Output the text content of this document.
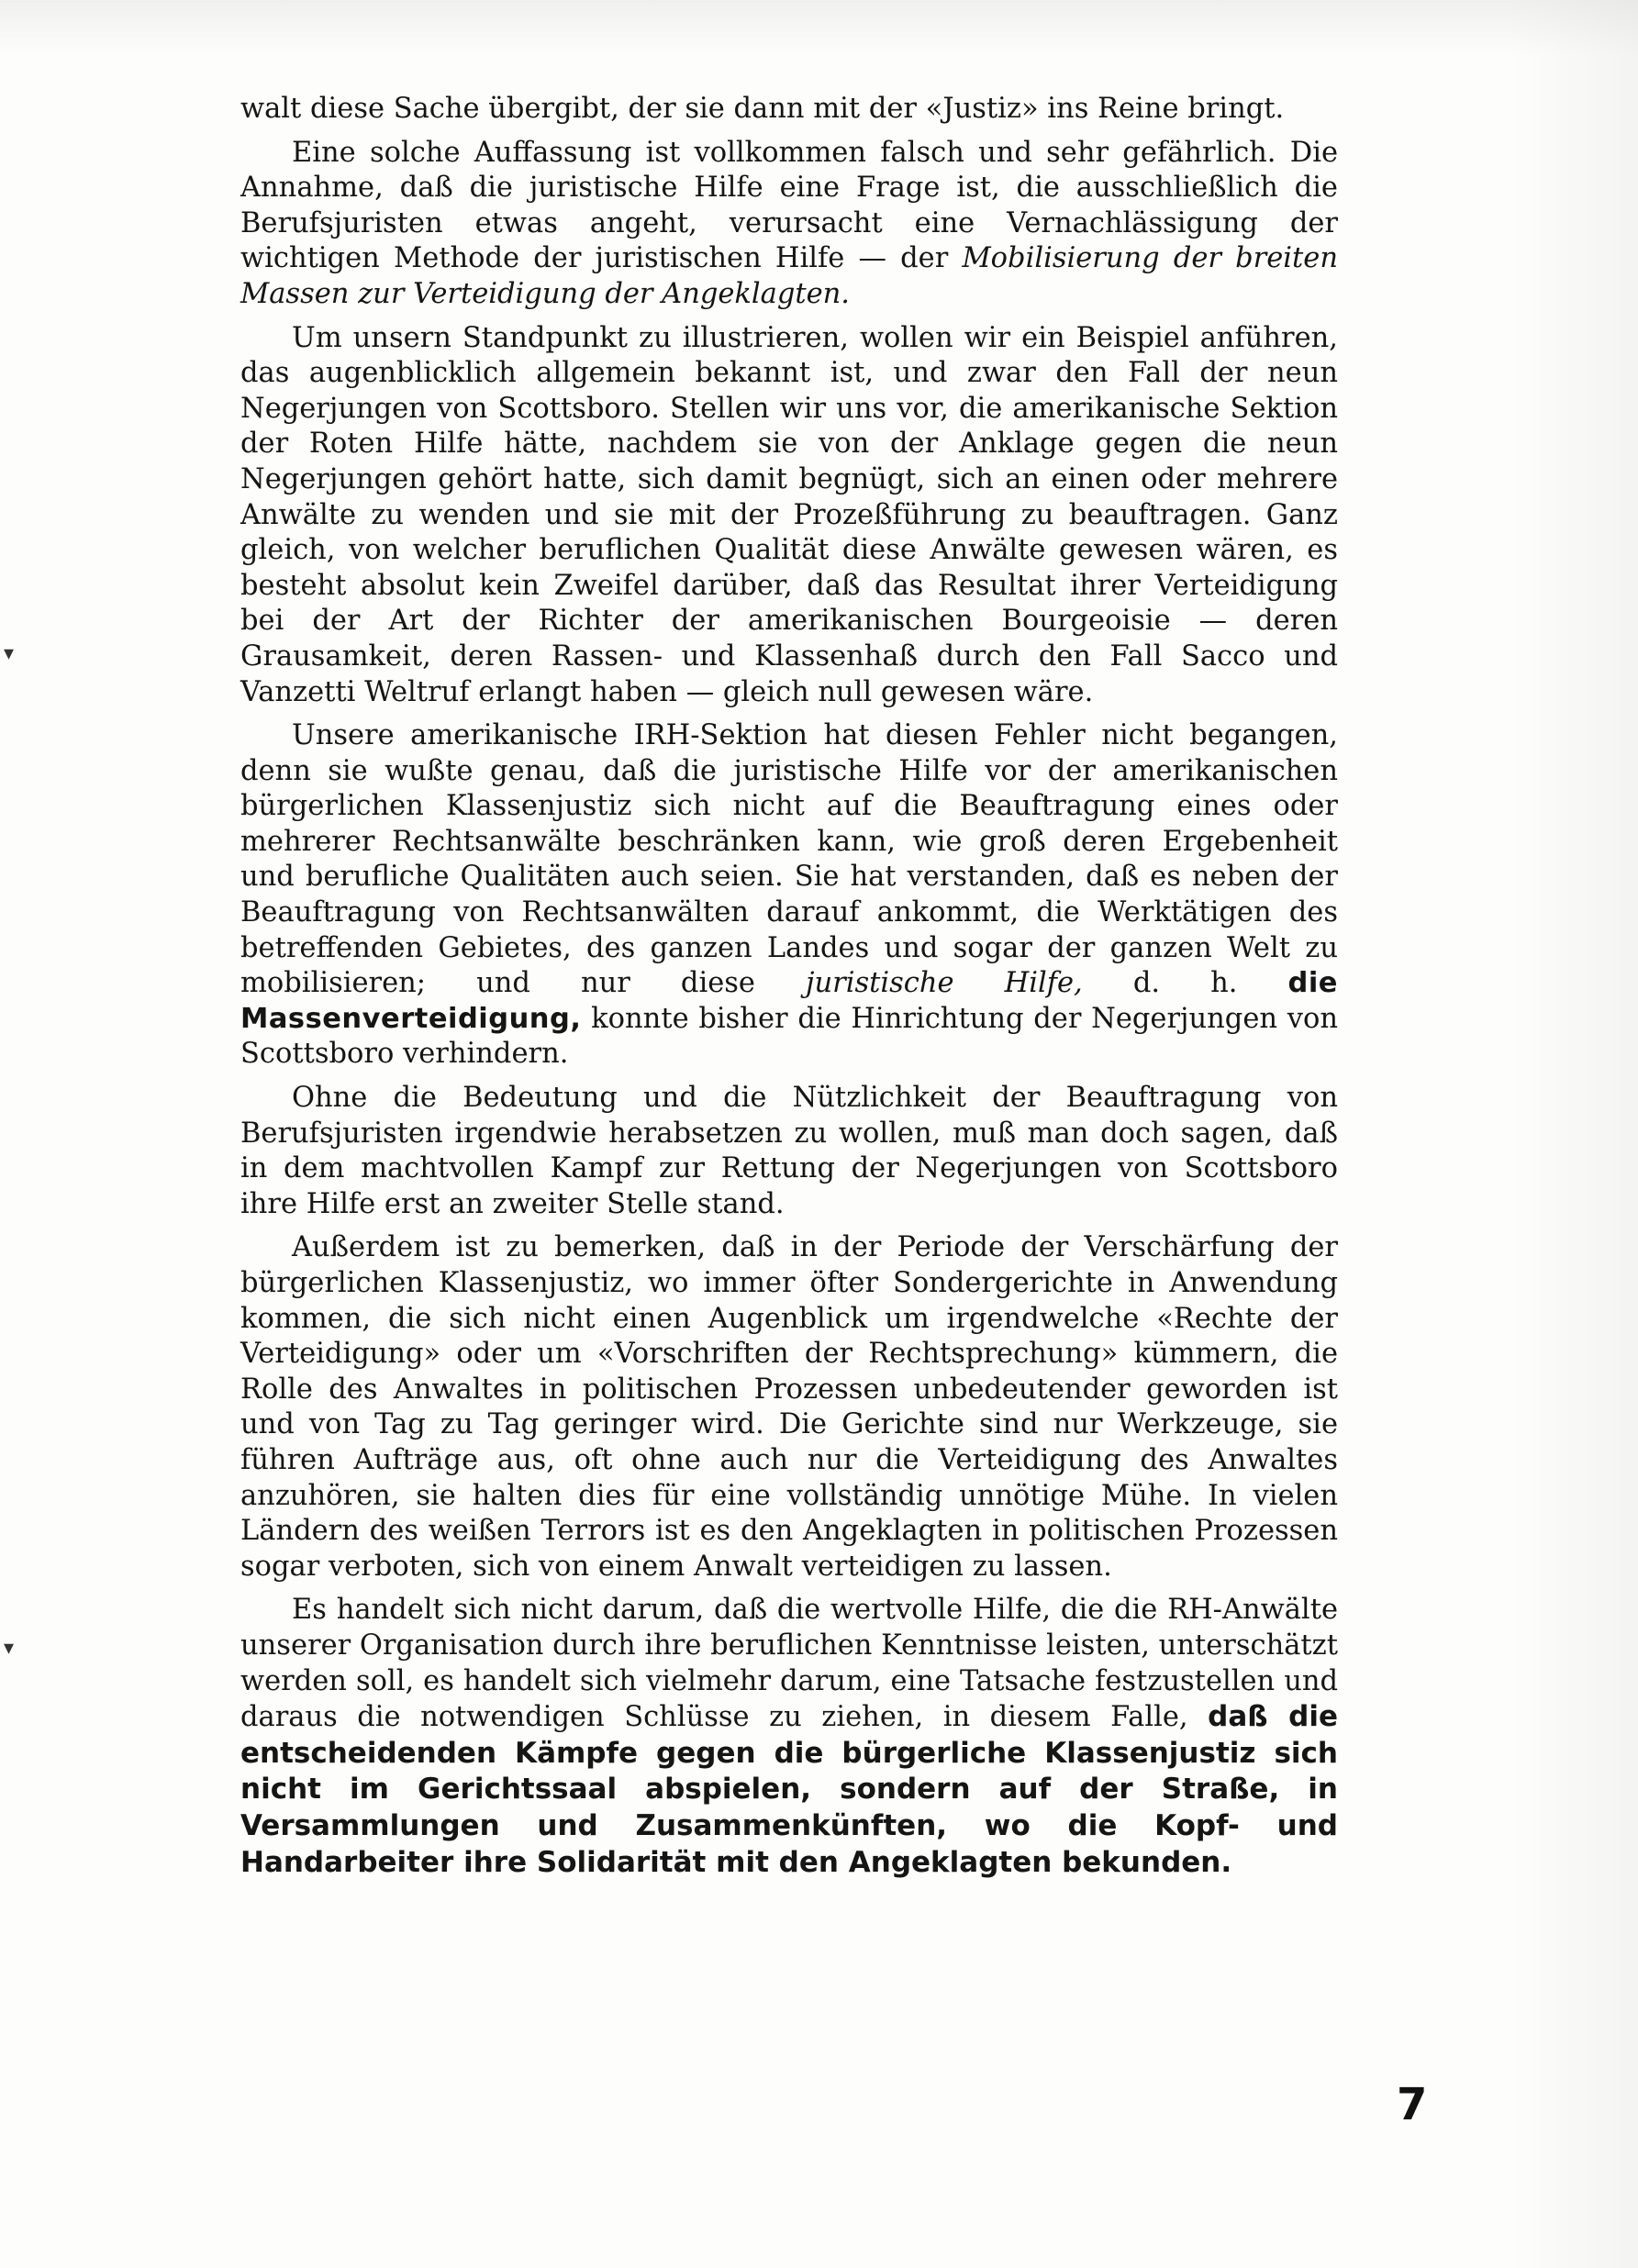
walt diese Sache übergibt, der sie dann mit der «Justiz» ins Reine bringt.

Eine solche Auffassung ist vollkommen falsch und sehr gefährlich. Die Annahme, daß die juristische Hilfe eine Frage ist, die ausschließlich die Berufsjuristen etwas angeht, verursacht eine Vernachlässigung der wichtigen Methode der juristischen Hilfe — der Mobilisierung der breiten Massen zur Verteidigung der Angeklagten.

Um unsern Standpunkt zu illustrieren, wollen wir ein Beispiel anführen, das augenblicklich allgemein bekannt ist, und zwar den Fall der neun Negerjungen von Scottsboro. Stellen wir uns vor, die amerikanische Sektion der Roten Hilfe hätte, nachdem sie von der Anklage gegen die neun Negerjungen gehört hatte, sich damit begnügt, sich an einen oder mehrere Anwälte zu wenden und sie mit der Prozeßführung zu beauftragen. Ganz gleich, von welcher beruflichen Qualität diese Anwälte gewesen wären, es besteht absolut kein Zweifel darüber, daß das Resultat ihrer Verteidigung bei der Art der Richter der amerikanischen Bourgeoisie — deren Grausamkeit, deren Rassen- und Klassenhaß durch den Fall Sacco und Vanzetti Weltruf erlangt haben — gleich null gewesen wäre.

Unsere amerikanische IRH-Sektion hat diesen Fehler nicht begangen, denn sie wußte genau, daß die juristische Hilfe vor der amerikanischen bürgerlichen Klassenjustiz sich nicht auf die Beauftragung eines oder mehrerer Rechtsanwälte beschränken kann, wie groß deren Ergebenheit und berufliche Qualitäten auch seien. Sie hat verstanden, daß es neben der Beauftragung von Rechtsanwälten darauf ankommt, die Werktätigen des betreffenden Gebietes, des ganzen Landes und sogar der ganzen Welt zu mobilisieren; und nur diese juristische Hilfe, d. h. die Massenverteidigung, konnte bisher die Hinrichtung der Negerjungen von Scottsboro verhindern.

Ohne die Bedeutung und die Nützlichkeit der Beauftragung von Berufsjuristen irgendwie herabsetzen zu wollen, muß man doch sagen, daß in dem machtvollen Kampf zur Rettung der Negerjungen von Scottsboro ihre Hilfe erst an zweiter Stelle stand.

Außerdem ist zu bemerken, daß in der Periode der Verschärfung der bürgerlichen Klassenjustiz, wo immer öfter Sondergerichte in Anwendung kommen, die sich nicht einen Augenblick um irgendwelche «Rechte der Verteidigung» oder um «Vorschriften der Rechtsprechung» kümmern, die Rolle des Anwaltes in politischen Prozessen unbedeutender geworden ist und von Tag zu Tag geringer wird. Die Gerichte sind nur Werkzeuge, sie führen Aufträge aus, oft ohne auch nur die Verteidigung des Anwaltes anzuhören, sie halten dies für eine vollständig unnötige Mühe. In vielen Ländern des weißen Terrors ist es den Angeklagten in politischen Prozessen sogar verboten, sich von einem Anwalt verteidigen zu lassen.

Es handelt sich nicht darum, daß die wertvolle Hilfe, die die RH-Anwälte unserer Organisation durch ihre beruflichen Kenntnisse leisten, unterschätzt werden soll, es handelt sich vielmehr darum, eine Tatsache festzustellen und daraus die notwendigen Schlüsse zu ziehen, in diesem Falle, daß die entscheidenden Kämpfe gegen die bürgerliche Klassenjustiz sich nicht im Gerichtssaal abspielen, sondern auf der Straße, in Versammlungen und Zusammenkünften, wo die Kopf- und Handarbeiter ihre Solidarität mit den Angeklagten bekunden.

▾
▾
7
